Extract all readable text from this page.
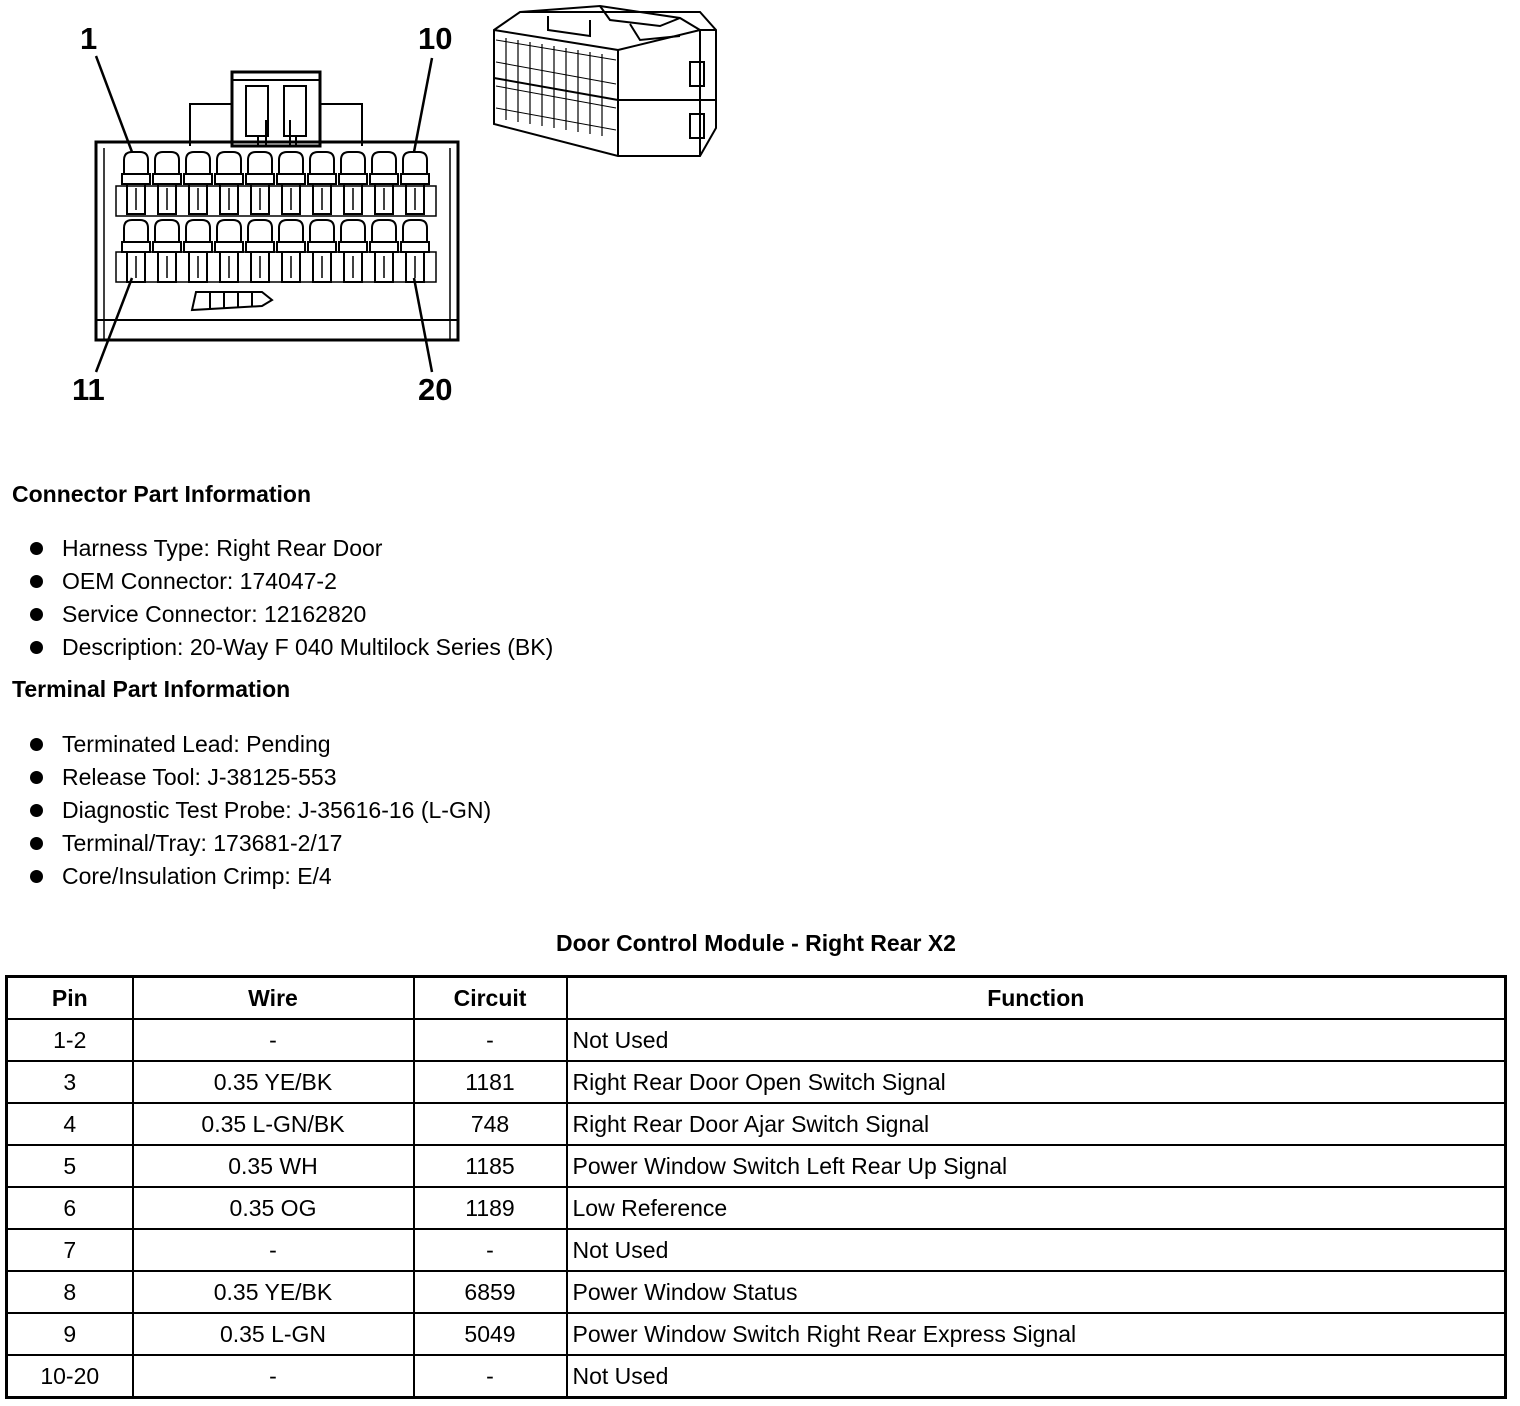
1	10
11	20
Connector Part Information
Harness Type: Right Rear Door
OEM Connector: 174047-2
Service Connector: 12162820
Description: 20-Way F 040 Multilock Series (BK)
Terminal Part Information
Terminated Lead: Pending
Release Tool: J-38125-553
Diagnostic Test Probe: J-35616-16 (L-GN)
Terminal/Tray: 173681-2/17
Core/Insulation Crimp: E/4
Door Control Module - Right Rear X2
Pin	Wire	Circuit	Function
1-2	-	-	Not Used
3	0.35 YE/BK	1181	Right Rear Door Open Switch Signal
4	0.35 L-GN/BK	748	Right Rear Door Ajar Switch Signal
5	0.35 WH	1185	Power Window Switch Left Rear Up Signal
6	0.35 OG	1189	Low Reference
7	-	-	Not Used
8	0.35 YE/BK	6859	Power Window Status
9	0.35 L-GN	5049	Power Window Switch Right Rear Express Signal
10-20	-	-	Not Used
